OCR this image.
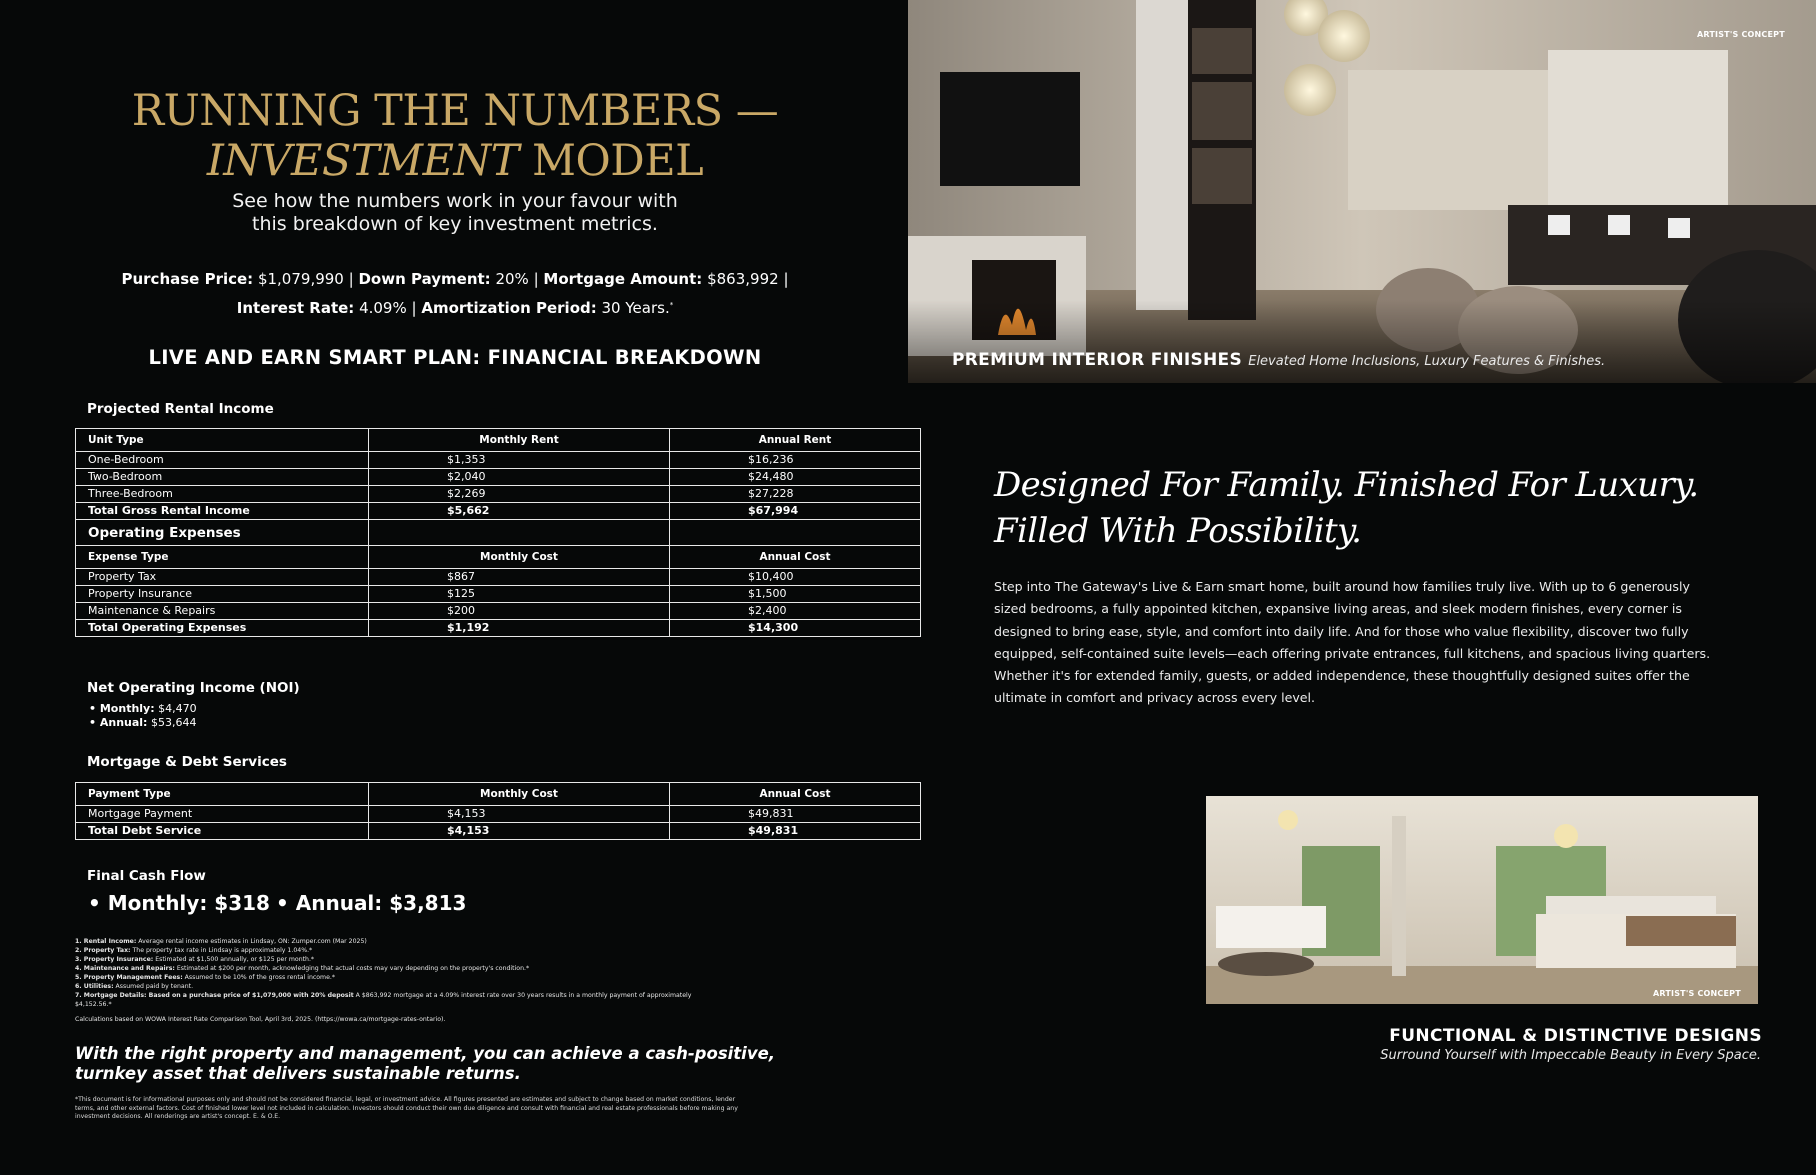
RUNNING THE NUMBERS —
INVESTMENT MODEL
See how the numbers work in your favour with
this breakdown of key investment metrics.
Purchase Price: $1,079,990 | Down Payment: 20% | Mortgage Amount: $863,992 |
Interest Rate: 4.09% | Amortization Period: 30 Years.*
LIVE AND EARN SMART PLAN: FINANCIAL BREAKDOWN
Projected Rental Income
Unit Type	Monthly Rent	Annual Rent
One-Bedroom	$1,353	$16,236
Two-Bedroom	$2,040	$24,480
Three-Bedroom	$2,269	$27,228
Total Gross Rental Income	$5,662	$67,994
Operating Expenses		
Expense Type	Monthly Cost	Annual Cost
Property Tax	$867	$10,400
Property Insurance	$125	$1,500
Maintenance & Repairs	$200	$2,400
Total Operating Expenses	$1,192	$14,300
Net Operating Income (NOI)
• Monthly: $4,470
• Annual: $53,644
Mortgage & Debt Services
Payment Type	Monthly Cost	Annual Cost
Mortgage Payment	$4,153	$49,831
Total Debt Service	$4,153	$49,831
Final Cash Flow
• Monthly: $318 • Annual: $3,813
1. Rental Income: Average rental income estimates in Lindsay, ON: Zumper.com (Mar 2025)
2. Property Tax: The property tax rate in Lindsay is approximately 1.04%.*
3. Property Insurance: Estimated at $1,500 annually, or $125 per month.*
4. Maintenance and Repairs: Estimated at $200 per month, acknowledging that actual costs may vary depending on the property's condition.*
5. Property Management Fees: Assumed to be 10% of the gross rental income.*
6. Utilities: Assumed paid by tenant.
7. Mortgage Details: Based on a purchase price of $1,079,000 with 20% deposit A $863,992 mortgage at a 4.09% interest rate over 30 years results in a monthly payment of approximately $4,152.56.*
Calculations based on WOWA Interest Rate Comparison Tool, April 3rd, 2025. (https://wowa.ca/mortgage-rates-ontario).
With the right property and management, you can achieve a cash-positive,
turnkey asset that delivers sustainable returns.
*This document is for informational purposes only and should not be considered financial, legal, or investment advice. All figures presented are estimates and subject to change based on market conditions, lender terms, and other external factors. Cost of finished lower level not included in calculation. Investors should conduct their own due diligence and consult with financial and real estate professionals before making any investment decisions. All renderings are artist's concept. E. & O.E.
ARTIST'S CONCEPT
PREMIUM INTERIOR FINISHES Elevated Home Inclusions, Luxury Features & Finishes.
Designed For Family. Finished For Luxury.
Filled With Possibility.
Step into The Gateway's Live & Earn smart home, built around how families truly live. With up to 6 generously sized bedrooms, a fully appointed kitchen, expansive living areas, and sleek modern finishes, every corner is designed to bring ease, style, and comfort into daily life. And for those who value flexibility, discover two fully equipped, self-contained suite levels—each offering private entrances, full kitchens, and spacious living quarters. Whether it's for extended family, guests, or added independence, these thoughtfully designed suites offer the ultimate in comfort and privacy across every level.
ARTIST'S CONCEPT
FUNCTIONAL & DISTINCTIVE DESIGNS
Surround Yourself with Impeccable Beauty in Every Space.
